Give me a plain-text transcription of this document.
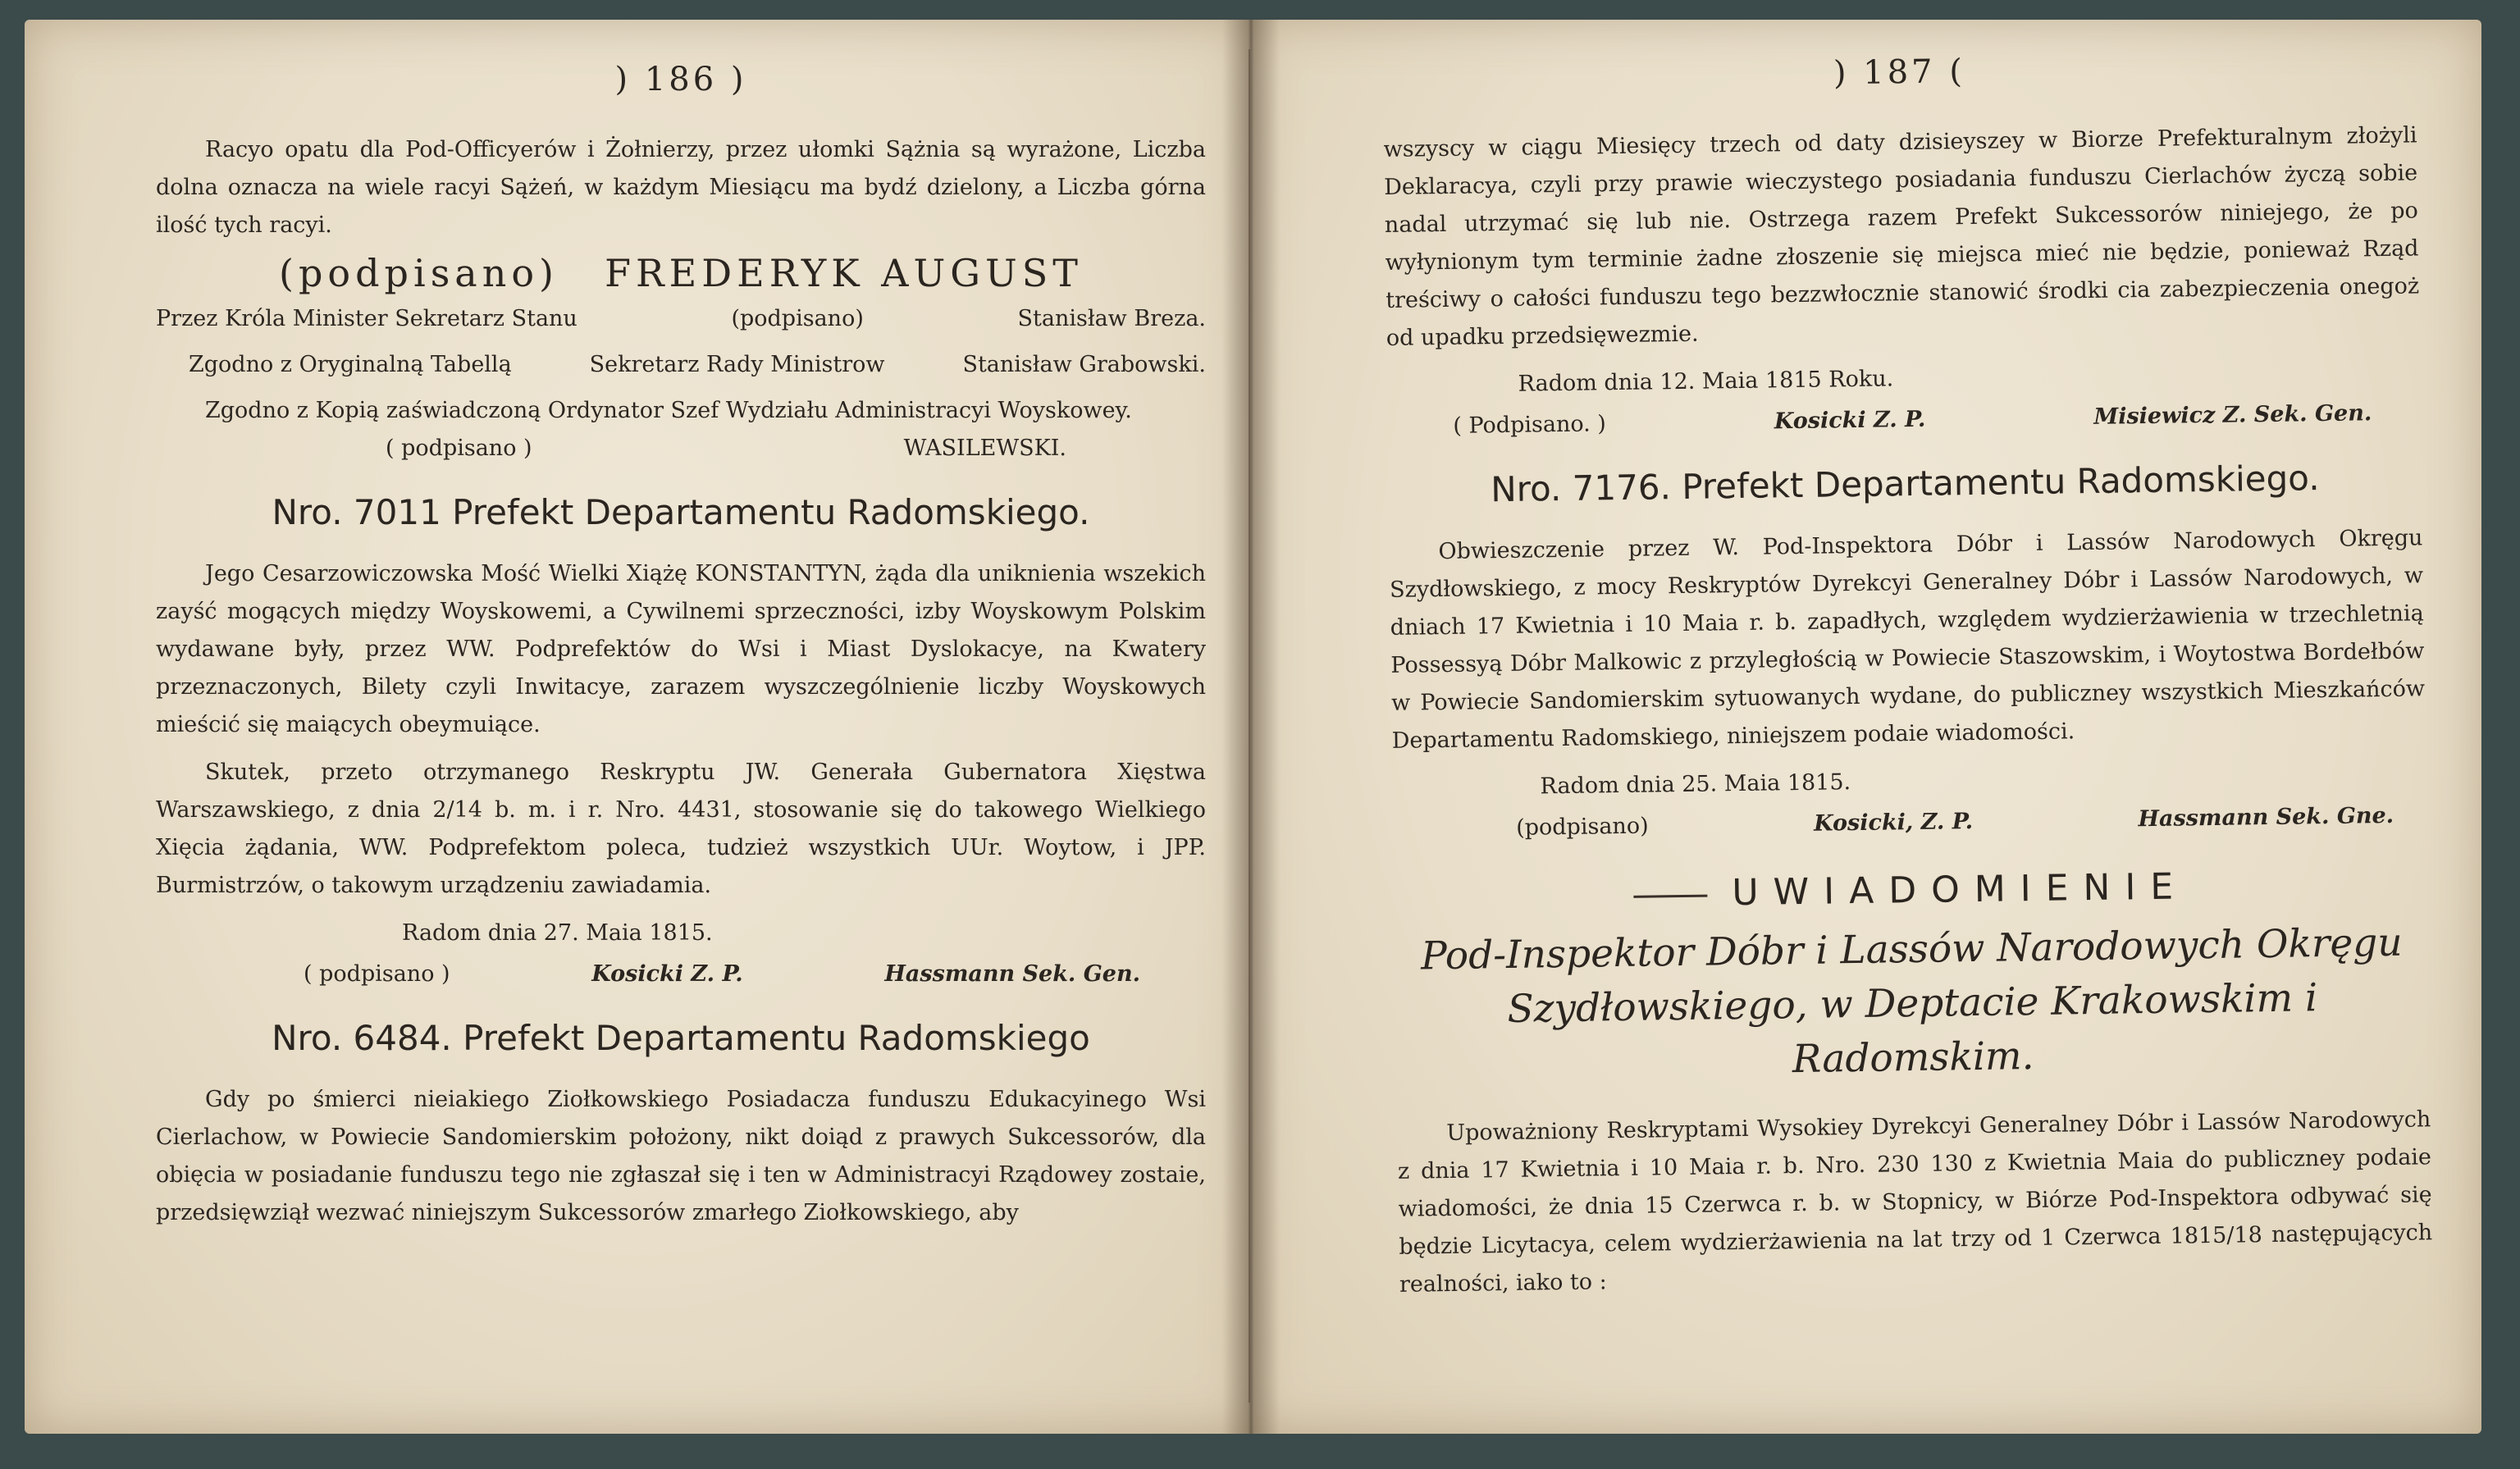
) 186 )

Racyo opatu dla Pod-Officyerów i Żołnierzy, przez ułomki Sążnia są wyrażone, Liczba dolna oznacza na wiele racyi Sążeń, w każdym Miesiącu ma bydź dzielony, a Liczba górna ilość tych racyi.

(podpisano) FREDERYK AUGUST
Przez Króla Minister Sekretarz Stanu	(podpisano)	Stanisław Breza.
Zgodno z Oryginalną Tabellą	Sekretarz Rady Ministrow	Stanisław Grabowski.

Zgodno z Kopią zaświadczoną Ordynator Szef Wydziału Administracyi Woyskowey.

( podpisano )	WASILEWSKI.
Nro. 7011 Prefekt Departamentu Radomskiego.

Jego Cesarzowiczowska Mość Wielki Xiążę KONSTANTYN, żąda dla uniknienia wszekich zayść mogących między Woyskowemi, a Cywilnemi sprzeczności, izby Woyskowym Polskim wydawane były, przez WW. Podprefektów do Wsi i Miast Dyslokacye, na Kwatery przeznaczonych, Bilety czyli Inwitacye, zarazem wyszczególnienie liczby Woyskowych mieścić się maiących obeymuiące.

Skutek, przeto otrzymanego Reskryptu JW. Generała Gubernatora Xięstwa Warszawskiego, z dnia 2/14 b. m. i r. Nro. 4431, stosowanie się do takowego Wielkiego Xięcia żądania, WW. Podprefektom poleca, tudzież wszystkich UUr. Woytow, i JPP. Burmistrzów, o takowym urządzeniu zawiadamia.

Radom dnia 27. Maia 1815.
( podpisano )	Kosicki Z. P.	Hassmann Sek. Gen.
Nro. 6484. Prefekt Departamentu Radomskiego

Gdy po śmierci nieiakiego Ziołkowskiego Posiadacza funduszu Edukacyinego Wsi Cierlachow, w Powiecie Sandomierskim położony, nikt doiąd z prawych Sukcessorów, dla obięcia w posiadanie funduszu tego nie zgłaszał się i ten w Administracyi Rządowey zostaie, przedsięwziął wezwać niniejszym Sukcessorów zmarłego Ziołkowskiego, aby

) 187 (

wszyscy w ciągu Miesięcy trzech od daty dzisieyszey w Biorze Prefekturalnym złożyli Deklaracya, czyli przy prawie wieczystego posiadania funduszu Cierlachów życzą sobie nadal utrzymać się lub nie. Ostrzega razem Prefekt Sukcessorów niniejego, że po wyłynionym tym terminie żadne złoszenie się miejsca mieć nie będzie, ponieważ Rząd treściwy o całości funduszu tego bezzwłocznie stanowić środki cia zabezpieczenia onegoż od upadku przedsięwezmie.

Radom dnia 12. Maia 1815 Roku.
( Podpisano. )	Kosicki Z. P.	Misiewicz Z. Sek. Gen.
Nro. 7176. Prefekt Departamentu Radomskiego.

Obwieszczenie przez W. Pod-Inspektora Dóbr i Lassów Narodowych Okręgu Szydłowskiego, z mocy Reskryptów Dyrekcyi Generalney Dóbr i Lassów Narodowych, w dniach 17 Kwietnia i 10 Maia r. b. zapadłych, względem wydzierżawienia w trzechletnią Possessyą Dóbr Malkowic z przyległością w Powiecie Staszowskim, i Woytostwa Bordełbów w Powiecie Sandomierskim sytuowanych wydane, do publiczney wszystkich Mieszkańców Departamentu Radomskiego, niniejszem podaie wiadomości.

Radom dnia 25. Maia 1815.
(podpisano)	Kosicki, Z. P.	Hassmann Sek. Gne.
UWIADOMIENIE
Pod-Inspektor Dóbr i Lassów Narodowych Okręgu Szydłowskiego, w Deptacie Krakowskim i Radomskim.

Upoważniony Reskryptami Wysokiey Dyrekcyi Generalney Dóbr i Lassów Narodowych z dnia 17 Kwietnia i 10 Maia r. b. Nro. 230 130 z Kwietnia Maia do publiczney podaie wiadomości, że dnia 15 Czerwca r. b. w Stopnicy, w Biórze Pod-Inspektora odbywać się będzie Licytacya, celem wydzierżawienia na lat trzy od 1 Czerwca 1815/18 następujących realności, iako to :
